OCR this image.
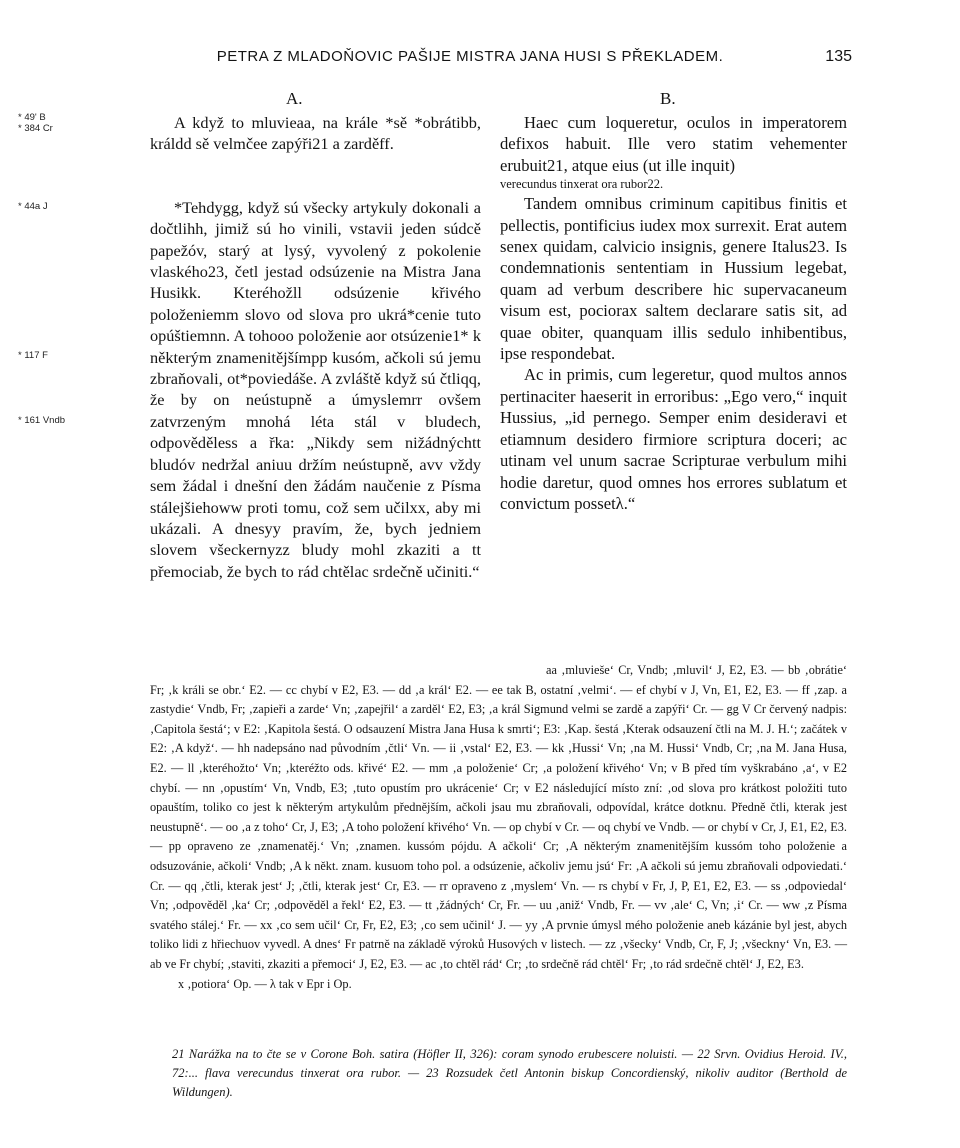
PETRA Z MLADOŇOVIC PAŠIJE MISTRA JANA HUSI S PŘEKLADEM.	135
A.	B.
* 49' B
* 384 Cr
* 44a J
* 117 F
* 161 Vndb

A když to mluvieaa, na krále *sě *obrátibb, králdd sě velmčee zapýři21 a zarděff.

*Tehdygg, když sú všecky artykuly dokonali a dočtlihh, jimiž sú ho vinili, vstavii jeden súdcě papežóv, starý at lysý, vyvolený z pokolenie vlaského23, četl jestad odsúzenie na Mistra Jana Husikk. Kteréhožll odsúzenie křivého položeniemm slovo od slova pro ukrá*cenie tuto opúštiemnn. A tohooo položenie aor otsúzenie1* k některým znamenitějšímpp kusóm, ačkoli sú jemu zbraňovali, ot*poviedáše. A zvláště když sú čtliqq, že by on neústupně a úmyslemrr ovšem zatvrzeným mnohá léta stál v bludech, odpověděless a řka: „Nikdy sem nižádnýchtt bludóv nedržal aniuu držím neústupně, avv vždy sem žádal i dnešní den žádám naučenie z Písma stálejšiehoww proti tomu, což sem učilxx, aby mi ukázali. A dnesyy pravím, že, bych jedniem slovem všeckernyzz bludy mohl zkaziti a tt přemociab, že bych to rád chtělac srdečně učiniti.“

Haec cum loqueretur, oculos in imperatorem defixos habuit. Ille vero statim vehementer erubuit21, atque eius (ut ille inquit)

verecundus tinxerat ora rubor22.

Tandem omnibus criminum capitibus finitis et pellectis, pontificius iudex mox surrexit. Erat autem senex quidam, calvicio insignis, genere Italus23. Is condemnationis sententiam in Hussium legebat, quam ad verbum describere hic supervacaneum visum est, pociorax saltem declarare satis sit, ad quae obiter, quanquam illis sedulo inhibentibus, ipse respondebat.

Ac in primis, cum legeretur, quod multos annos pertinaciter haeserit in erroribus: „Ego vero,“ inquit Hussius, „id pernego. Semper enim desideravi et etiamnum desidero firmiore scriptura doceri; ac utinam vel unum sacrae Scripturae verbulum mihi hodie daretur, quod omnes hos errores sublatum et convictum possetλ.“

aa ‚mluvieše‘ Cr, Vndb; ‚mluvil‘ J, E2, E3. — bb ‚obrátie‘ Fr; ‚k králi se obr.‘ E2. — cc chybí v E2, E3. — dd ‚a král‘ E2. — ee tak B, ostatní ‚velmi‘. — ef chybí v J, Vn, E1, E2, E3. — ff ‚zap. a zastydie‘ Vndb, Fr; ‚zapieři a zarde‘ Vn; ‚zapejřil‘ a zarděl‘ E2, E3; ‚a král Sigmund velmi se zardě a zapýři‘ Cr. — gg V Cr červený nadpis: ‚Capitola šestá‘; v E2: ‚Kapitola šestá. O odsauzení Mistra Jana Husa k smrti‘; E3: ‚Kap. šestá ‚Kterak odsauzení čtli na M. J. H.‘; začátek v E2: ‚A když‘. — hh nadepsáno nad původním ‚čtli‘ Vn. — ii ‚vstal‘ E2, E3. — kk ‚Hussi‘ Vn; ‚na M. Hussi‘ Vndb, Cr; ‚na M. Jana Husa, E2. — ll ‚kteréhožto‘ Vn; ‚kteréžto ods. křivé‘ E2. — mm ‚a položenie‘ Cr; ‚a položení křivého‘ Vn; v B před tím vyškrabáno ‚a‘, v E2 chybí. — nn ‚opustím‘ Vn, Vndb, E3; ‚tuto opustím pro ukrácenie‘ Cr; v E2 následující místo zní: ‚od slova pro krátkost položiti tuto opauštím, toliko co jest k některým artykulům přednějším, ačkoli jsau mu zbraňovali, odpovídal, krátce dotknu. Předně čtli, kterak jest neustupně‘. — oo ‚a z toho‘ Cr, J, E3; ‚A toho položení křivého‘ Vn. — op chybí v Cr. — oq chybí ve Vndb. — or chybí v Cr, J, E1, E2, E3. — pp opraveno ze ‚znamenatěj.‘ Vn; ‚znamen. kussóm pójdu. A ačkoli‘ Cr; ‚A některým znamenitějším kussóm toho položenie a odsuzovánie, ačkoli‘ Vndb; ‚A k někt. znam. kusuom toho pol. a odsúzenie, ačkoliv jemu jsú‘ Fr: ‚A ačkoli sú jemu zbraňovali odpoviedati.‘ Cr. — qq ‚čtli, kterak jest‘ J; ‚čtli, kterak jest‘ Cr, E3. — rr opraveno z ‚myslem‘ Vn. — rs chybí v Fr, J, P, E1, E2, E3. — ss ‚odpoviedal‘ Vn; ‚odpověděl ‚ka‘ Cr; ‚odpověděl a řekl‘ E2, E3. — tt ‚žádných‘ Cr, Fr. — uu ‚aniž‘ Vndb, Fr. — vv ‚ale‘ C, Vn; ‚i‘ Cr. — ww ‚z Písma svatého stálej.‘ Fr. — xx ‚co sem učil‘ Cr, Fr, E2, E3; ‚co sem učinil‘ J. — yy ‚A prvnie úmysl mého položenie aneb kázánie byl jest, abych toliko lidi z hřiechuov vyvedl. A dnes‘ Fr patrně na základě výroků Husových v listech. — zz ‚všecky‘ Vndb, Cr, F, J; ‚všeckny‘ Vn, E3. — ab ve Fr chybí; ‚staviti, zkaziti a přemoci‘ J, E2, E3. — ac ‚to chtěl rád‘ Cr; ‚to srdečně rád chtěl‘ Fr; ‚to rád srdečně chtěl‘ J, E2, E3.

x ‚potiora‘ Op. — λ tak v Epr i Op.

21 Narážka na to čte se v Corone Boh. satira (Höfler II, 326): coram synodo erubescere noluisti. — 22 Srvn. Ovidius Heroid. IV., 72:... flava verecundus tinxerat ora rubor. — 23 Rozsudek četl Antonin biskup Concordienský, nikoliv auditor (Berthold de Wildungen).
